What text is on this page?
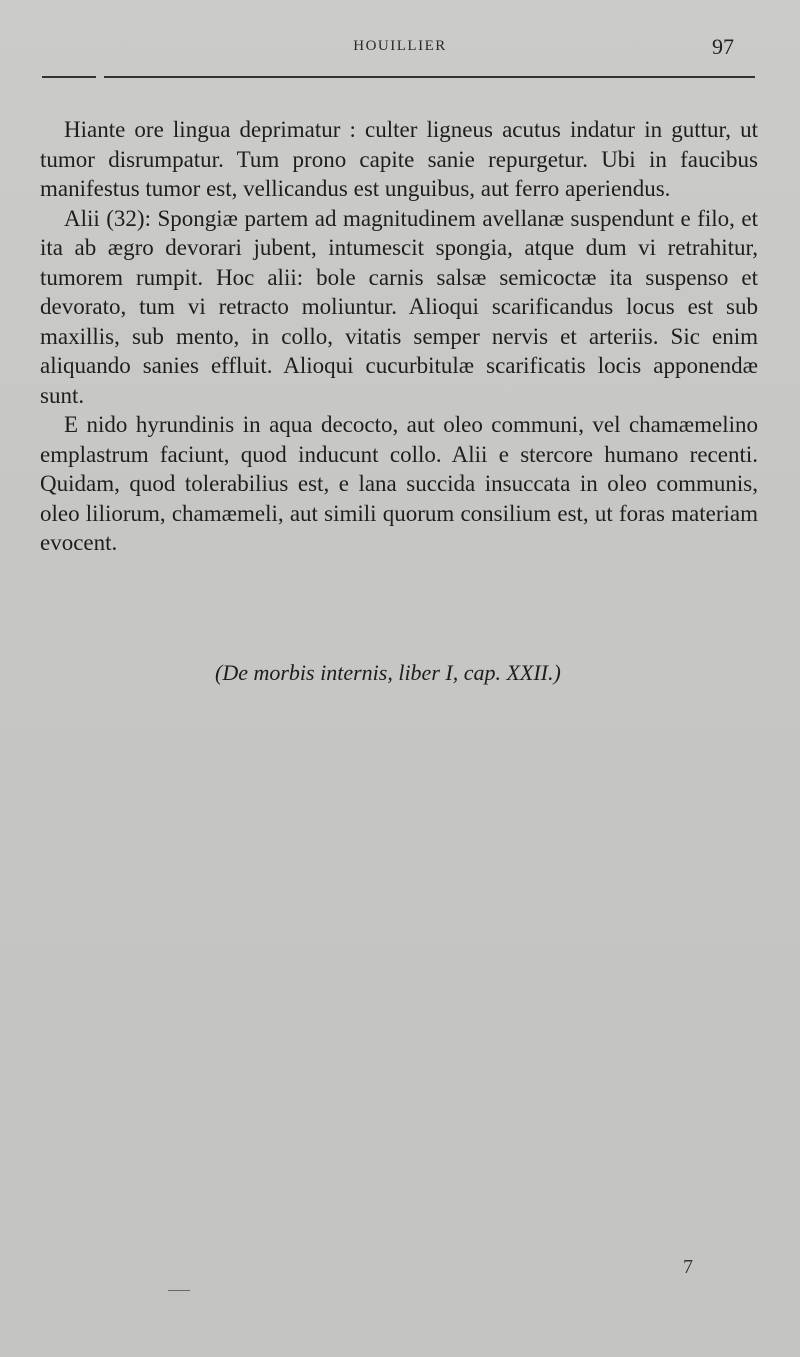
HOUILLIER	97

Hiante ore lingua deprimatur : culter ligneus acutus indatur in guttur, ut tumor disrumpatur. Tum prono capite sanie repurgetur. Ubi in faucibus manifestus tumor est, vellicandus est unguibus, aut ferro aperiendus.

Alii (32): Spongiæ partem ad magnitudinem avellanæ suspendunt e filo, et ita ab ægro devorari jubent, intumescit spongia, atque dum vi retrahitur, tumorem rumpit. Hoc alii: bole carnis salsæ semicoctæ ita suspenso et devorato, tum vi retracto moliuntur. Alioqui scarificandus locus est sub maxillis, sub mento, in collo, vitatis semper nervis et arteriis. Sic enim aliquando sanies effluit. Alioqui cucurbitulæ scarificatis locis apponendæ sunt.

E nido hyrundinis in aqua decocto, aut oleo communi, vel chamæmelino emplastrum faciunt, quod inducunt collo. Alii e stercore humano recenti. Quidam, quod tolerabilius est, e lana succida insuccata in oleo communis, oleo liliorum, chamæmeli, aut simili quorum consilium est, ut foras materiam evocent.

(De morbis internis, liber I, cap. XXII.)
7
